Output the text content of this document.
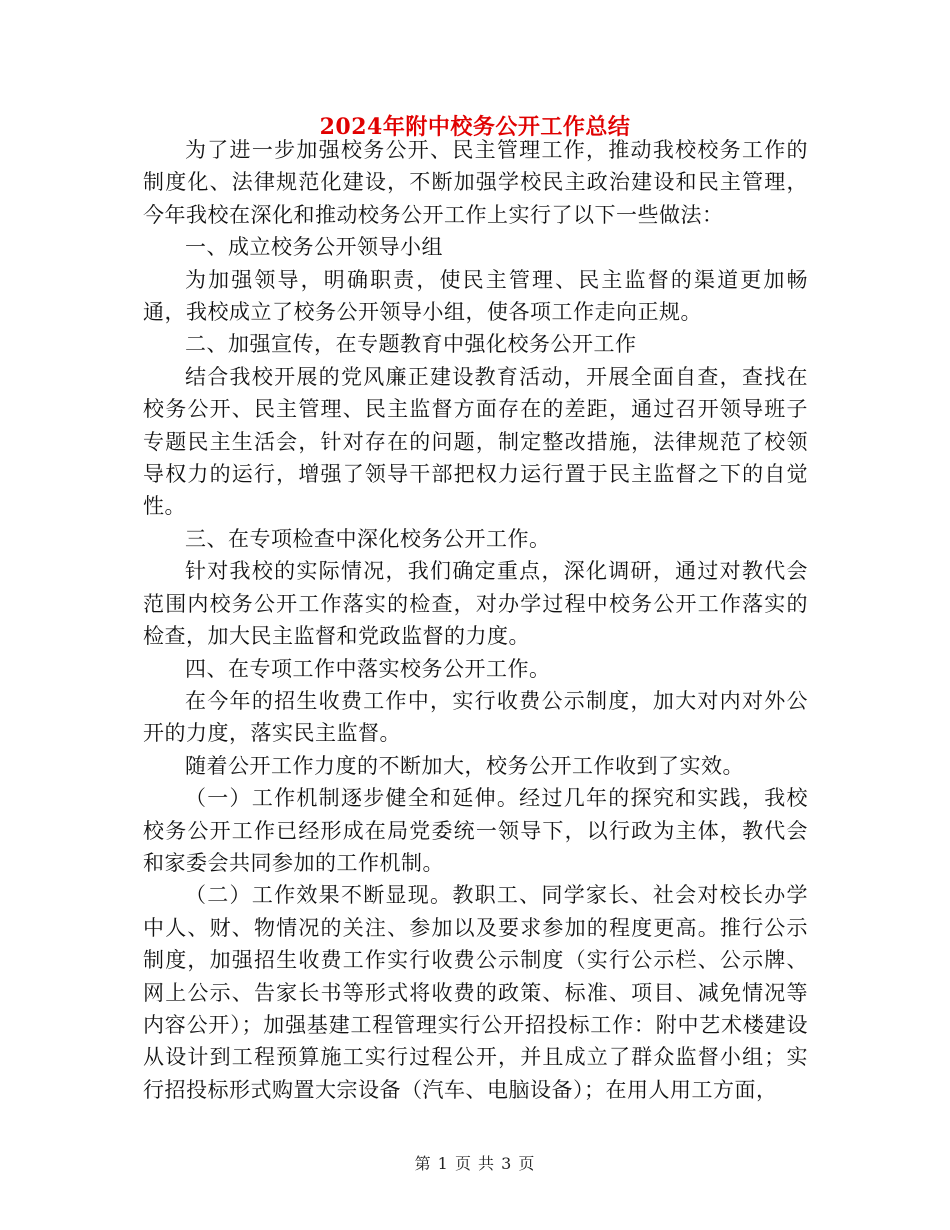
2024年附中校务公开工作总结

为了进一步加强校务公开、民主管理工作，推动我校校务工作的制度化、法律规范化建设，不断加强学校民主政治建设和民主管理，今年我校在深化和推动校务公开工作上实行了以下一些做法：

一、成立校务公开领导小组

为加强领导，明确职责，使民主管理、民主监督的渠道更加畅通，我校成立了校务公开领导小组，使各项工作走向正规。

二、加强宣传，在专题教育中强化校务公开工作

结合我校开展的党风廉正建设教育活动，开展全面自查，查找在校务公开、民主管理、民主监督方面存在的差距，通过召开领导班子专题民主生活会，针对存在的问题，制定整改措施，法律规范了校领导权力的运行，增强了领导干部把权力运行置于民主监督之下的自觉性。

三、在专项检查中深化校务公开工作。

针对我校的实际情况，我们确定重点，深化调研，通过对教代会范围内校务公开工作落实的检查，对办学过程中校务公开工作落实的检查，加大民主监督和党政监督的力度。

四、在专项工作中落实校务公开工作。

在今年的招生收费工作中，实行收费公示制度，加大对内对外公开的力度，落实民主监督。

随着公开工作力度的不断加大，校务公开工作收到了实效。

（一）工作机制逐步健全和延伸。经过几年的探究和实践，我校校务公开工作已经形成在局党委统一领导下，以行政为主体，教代会和家委会共同参加的工作机制。

（二）工作效果不断显现。教职工、同学家长、社会对校长办学中人、财、物情况的关注、参加以及要求参加的程度更高。推行公示制度，加强招生收费工作实行收费公示制度（实行公示栏、公示牌、网上公示、告家长书等形式将收费的政策、标准、项目、减免情况等内容公开）；加强基建工程管理实行公开招投标工作：附中艺术楼建设从设计到工程预算施工实行过程公开，并且成立了群众监督小组；实行招投标形式购置大宗设备（汽车、电脑设备）；在用人用工方面，

第 1 页 共 3 页
